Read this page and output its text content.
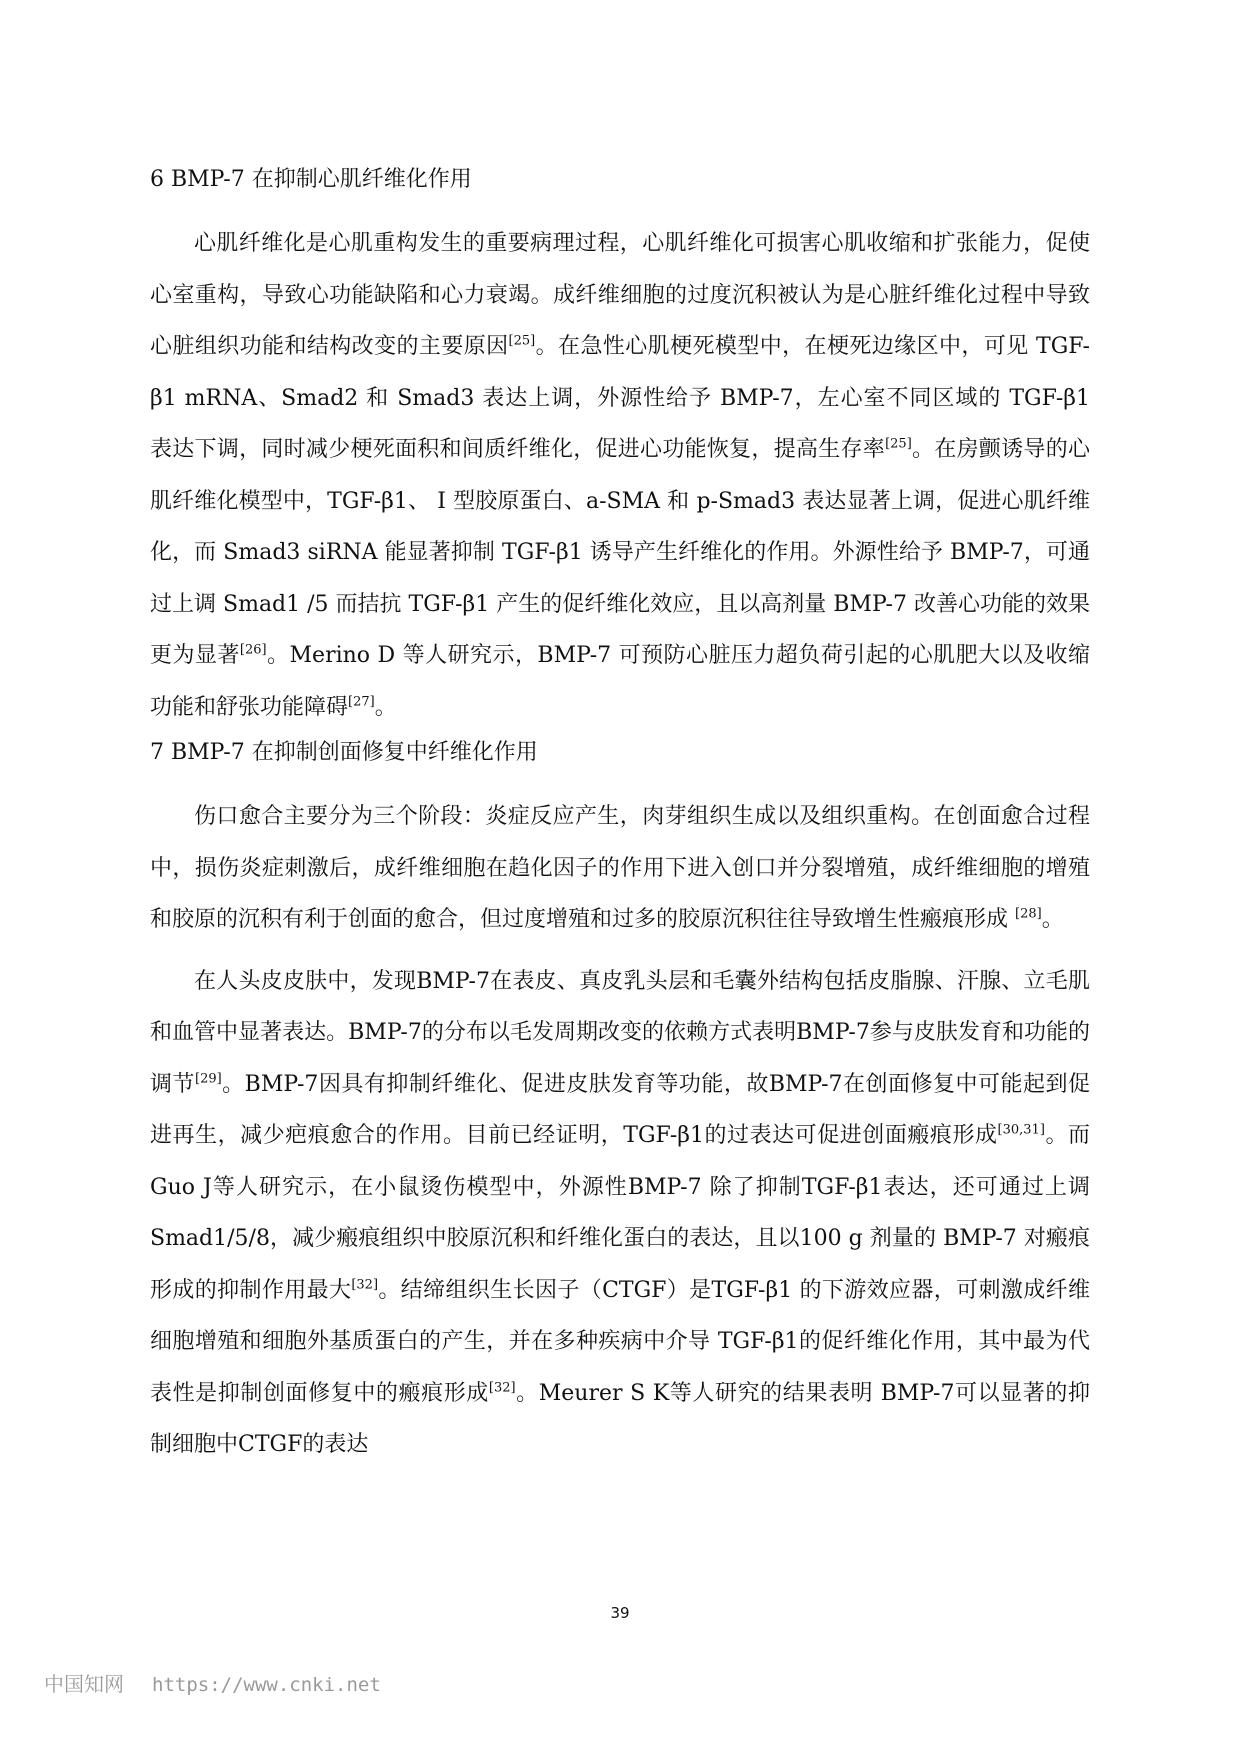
6 BMP-7 在抑制心肌纤维化作用

心肌纤维化是心肌重构发生的重要病理过程，心肌纤维化可损害心肌收缩和扩张能力，促使心室重构，导致心功能缺陷和心力衰竭。成纤维细胞的过度沉积被认为是心脏纤维化过程中导致心脏组织功能和结构改变的主要原因[25]。在急性心肌梗死模型中，在梗死边缘区中，可见 TGF-β1 mRNA、Smad2 和 Smad3 表达上调，外源性给予 BMP-7，左心室不同区域的 TGF-β1 表达下调，同时减少梗死面积和间质纤维化，促进心功能恢复，提高生存率[25]。在房颤诱导的心肌纤维化模型中，TGF-β1、 I 型胶原蛋白、a-SMA 和 p-Smad3 表达显著上调，促进心肌纤维化，而 Smad3 siRNA 能显著抑制 TGF-β1 诱导产生纤维化的作用。外源性给予 BMP-7，可通过上调 Smad1 /5 而拮抗 TGF-β1 产生的促纤维化效应，且以高剂量 BMP-7 改善心功能的效果更为显著[26]。Merino D 等人研究示，BMP-7 可预防心脏压力超负荷引起的心肌肥大以及收缩功能和舒张功能障碍[27]。

7 BMP-7 在抑制创面修复中纤维化作用

伤口愈合主要分为三个阶段：炎症反应产生，肉芽组织生成以及组织重构。在创面愈合过程中，损伤炎症刺激后，成纤维细胞在趋化因子的作用下进入创口并分裂增殖，成纤维细胞的增殖和胶原的沉积有利于创面的愈合，但过度增殖和过多的胶原沉积往往导致增生性瘢痕形成 [28]。

在人头皮皮肤中，发现BMP-7在表皮、真皮乳头层和毛囊外结构包括皮脂腺、汗腺、立毛肌和血管中显著表达。BMP-7的分布以毛发周期改变的依赖方式表明BMP-7参与皮肤发育和功能的调节[29]。BMP-7因具有抑制纤维化、促进皮肤发育等功能，故BMP-7在创面修复中可能起到促进再生，减少疤痕愈合的作用。目前已经证明，TGF-β1的过表达可促进创面瘢痕形成[30,31]。而Guo J等人研究示，在小鼠烫伤模型中，外源性BMP-7 除了抑制TGF-β1表达，还可通过上调Smad1/5/8，减少瘢痕组织中胶原沉积和纤维化蛋白的表达，且以100 g 剂量的 BMP-7 对瘢痕形成的抑制作用最大[32]。结缔组织生长因子（CTGF）是TGF-β1 的下游效应器，可刺激成纤维细胞增殖和细胞外基质蛋白的产生，并在多种疾病中介导 TGF-β1的促纤维化作用，其中最为代表性是抑制创面修复中的瘢痕形成[32]。Meurer S K等人研究的结果表明 BMP-7可以显著的抑制细胞中CTGF的表达

39
中国知网 https://www.cnki.net
